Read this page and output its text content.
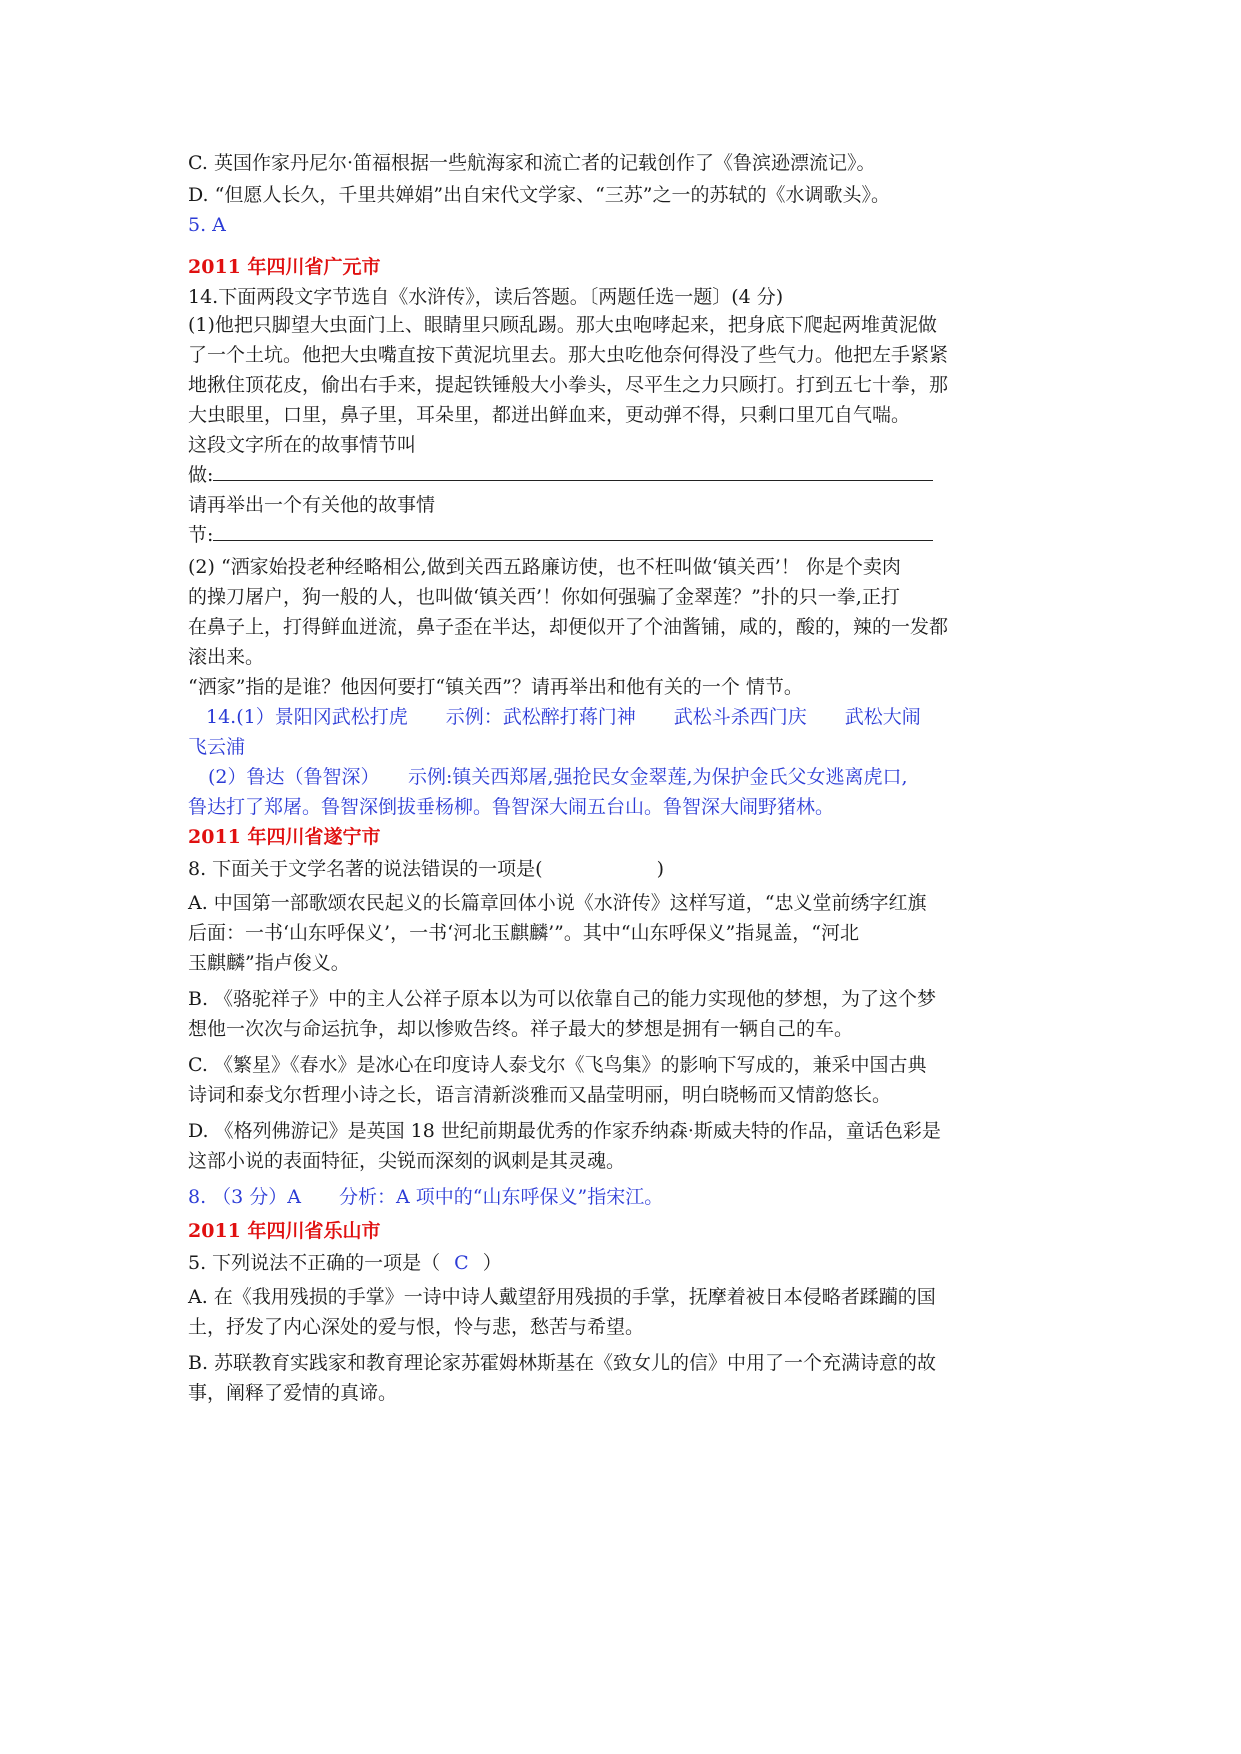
C. 英国作家丹尼尔·笛福根据一些航海家和流亡者的记载创作了《鲁滨逊漂流记》。
D. “但愿人长久，千里共婵娟”出自宋代文学家、“三苏”之一的苏轼的《水调歌头》。
5. A
2011 年四川省广元市
14.下面两段文字节选自《水浒传》，读后答题。〔两题任选一题〕(4 分)
(1)他把只脚望大虫面门上、眼睛里只顾乱踢。那大虫咆哮起来，把身底下爬起两堆黄泥做
了一个土坑。他把大虫嘴直按下黄泥坑里去。那大虫吃他奈何得没了些气力。他把左手紧紧
地揪住顶花皮，偷出右手来，提起铁锤般大小拳头，尽平生之力只顾打。打到五七十拳，那
大虫眼里，口里，鼻子里，耳朵里，都迸出鲜血来，更动弹不得，只剩口里兀自气喘。
这段文字所在的故事情节叫
做:
请再举出一个有关他的故事情
节:
(2) “洒家始投老种经略相公,做到关西五路廉访使，也不枉叫做‘镇关西’！ 你是个卖肉
的操刀屠户，狗一般的人，也叫做‘镇关西’！你如何强骗了金翠莲？”扑的只一拳,正打
在鼻子上，打得鲜血迸流，鼻子歪在半达，却便似开了个油酱铺，咸的，酸的，辣的一发都
滚出来。
“洒家”指的是谁？他因何要打“镇关西”？请再举出和他有关的一个 情节。
14.(1）景阳冈武松打虎　　示例：武松醉打蒋门神　　武松斗杀西门庆　　武松大闹
飞云浦
(2）鲁达（鲁智深）　　示例:镇关西郑屠,强抢民女金翠莲,为保护金氏父女逃离虎口,
鲁达打了郑屠。鲁智深倒拔垂杨柳。鲁智深大闹五台山。鲁智深大闹野猪林。
2011 年四川省遂宁市
8. 下面关于文学名著的说法错误的一项是(　　　　　　)
A. 中国第一部歌颂农民起义的长篇章回体小说《水浒传》这样写道，“忠义堂前绣字红旗
后面：一书‘山东呼保义’，一书‘河北玉麒麟’”。其中“山东呼保义”指晁盖，“河北
玉麒麟”指卢俊义。
B. 《骆驼祥子》中的主人公祥子原本以为可以依靠自己的能力实现他的梦想，为了这个梦
想他一次次与命运抗争，却以惨败告终。祥子最大的梦想是拥有一辆自己的车。
C. 《繁星》《春水》是冰心在印度诗人泰戈尔《飞鸟集》的影响下写成的，兼采中国古典
诗词和泰戈尔哲理小诗之长，语言清新淡雅而又晶莹明丽，明白晓畅而又情韵悠长。
D. 《格列佛游记》是英国 18 世纪前期最优秀的作家乔纳森·斯威夫特的作品，童话色彩是
这部小说的表面特征，尖锐而深刻的讽刺是其灵魂。
8. （3 分）A　　分析：A 项中的“山东呼保义”指宋江。
2011 年四川省乐山市
5. 下列说法不正确的一项是（ C ）
A. 在《我用残损的手掌》一诗中诗人戴望舒用残损的手掌，抚摩着被日本侵略者蹂躏的国
土，抒发了内心深处的爱与恨，怜与悲，愁苦与希望。
B. 苏联教育实践家和教育理论家苏霍姆林斯基在《致女儿的信》中用了一个充满诗意的故
事，阐释了爱情的真谛。
